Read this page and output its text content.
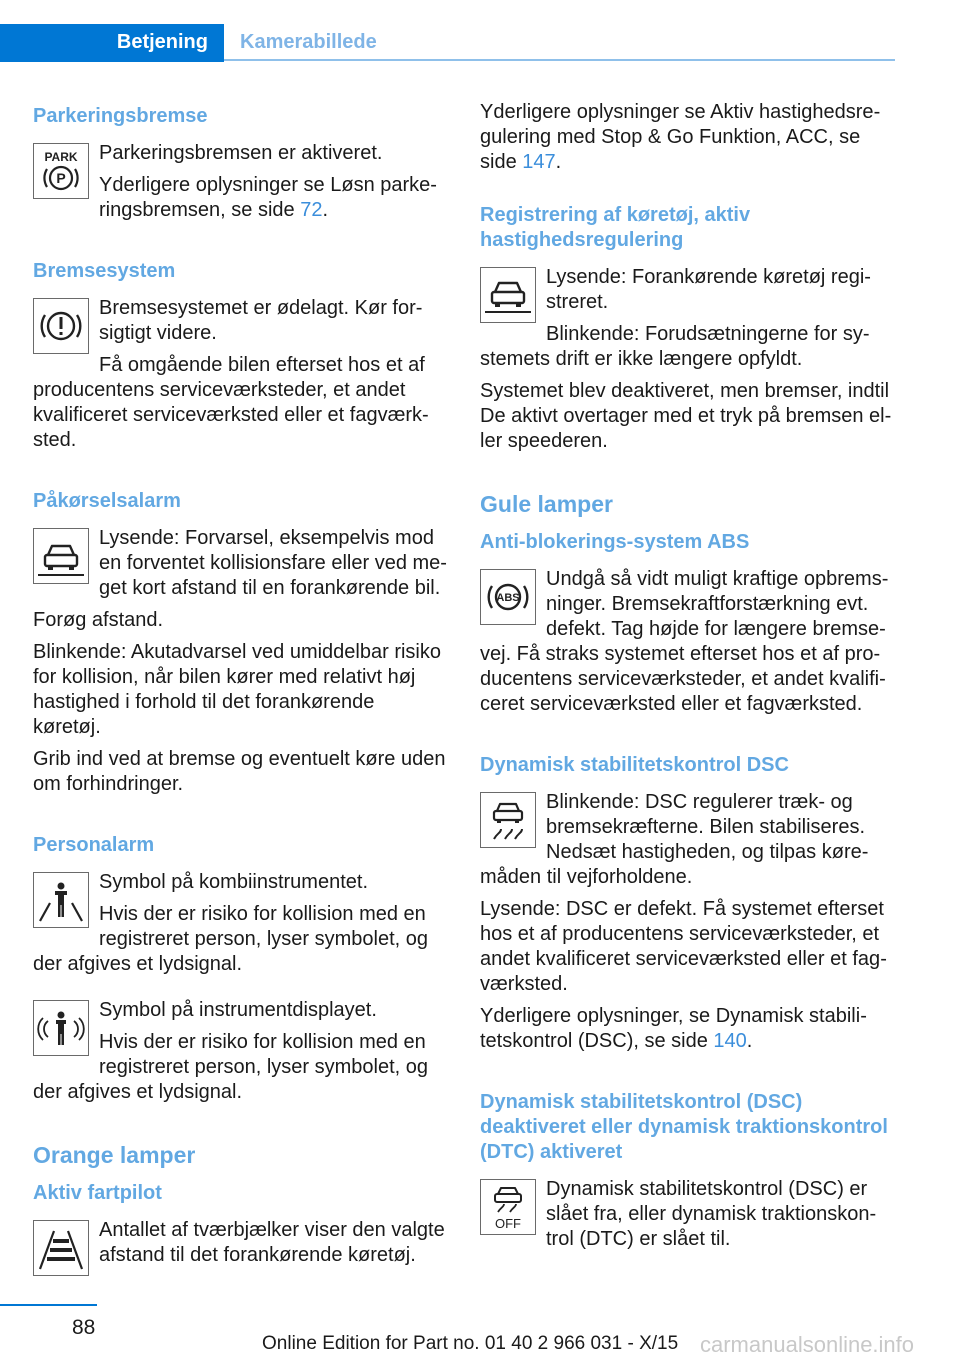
Betjening Kamerabillede
Parkeringsbremse
PARK
P

Parkeringsbremsen er aktiveret.

Yderligere oplysninger se Løsn parkeringsbremsen, se side 72.

Bremsesystem

Bremsesystemet er ødelagt. Kør forsigtigt videre.

Få omgående bilen efterset hos et af producentens serviceværksteder, et andet kvalificeret serviceværksted eller et fagværksted.

Påkørselsalarm

Lysende: Forvarsel, eksempelvis mod en forventet kollisionsfare eller ved meget kort afstand til en forankørende bil.

Forøg afstand.

Blinkende: Akutadvarsel ved umiddelbar risiko for kollision, når bilen kører med relativt høj hastighed i forhold til det forankørende køretøj.

Grib ind ved at bremse og eventuelt køre uden om forhindringer.

Personalarm

Symbol på kombiinstrumentet.

Hvis der er risiko for kollision med en registreret person, lyser symbolet, og der afgives et lydsignal.

Symbol på instrumentdisplayet.

Hvis der er risiko for kollision med en registreret person, lyser symbolet, og der afgives et lydsignal.

Orange lamper
Aktiv fartpilot

Antallet af tværbjælker viser den valgte afstand til det forankørende køretøj.

Yderligere oplysninger se Aktiv hastighedsregulering med Stop & Go Funktion, ACC, se side 147.

Registrering af køretøj, aktiv hastighedsregulering

Lysende: Forankørende køretøj registreret.

Blinkende: Forudsætningerne for systemets drift er ikke længere opfyldt.

Systemet blev deaktiveret, men bremser, indtil De aktivt overtager med et tryk på bremsen eller speederen.

Gule lamper
Anti-blokerings-system ABS
ABS

Undgå så vidt muligt kraftige opbremsninger. Bremsekraftforstærkning evt. defekt. Tag højde for længere bremsevej. Få straks systemet efterset hos et af producentens serviceværksteder, et andet kvalificeret serviceværksted eller et fagværksted.

Dynamisk stabilitetskontrol DSC

Blinkende: DSC regulerer træk- og bremsekræfterne. Bilen stabiliseres. Nedsæt hastigheden, og tilpas køremåden til vejforholdene.

Lysende: DSC er defekt. Få systemet efterset hos et af producentens serviceværksteder, et andet kvalificeret serviceværksted eller et fagværksted.

Yderligere oplysninger, se Dynamisk stabilitetskontrol (DSC), se side 140.

Dynamisk stabilitetskontrol (DSC) deaktiveret eller dynamisk traktionskontrol (DTC) aktiveret
OFF

Dynamisk stabilitetskontrol (DSC) er slået fra, eller dynamisk traktionskontrol (DTC) er slået til.

88
Online Edition for Part no. 01 40 2 966 031 - X/15 carmanualsonline.info
